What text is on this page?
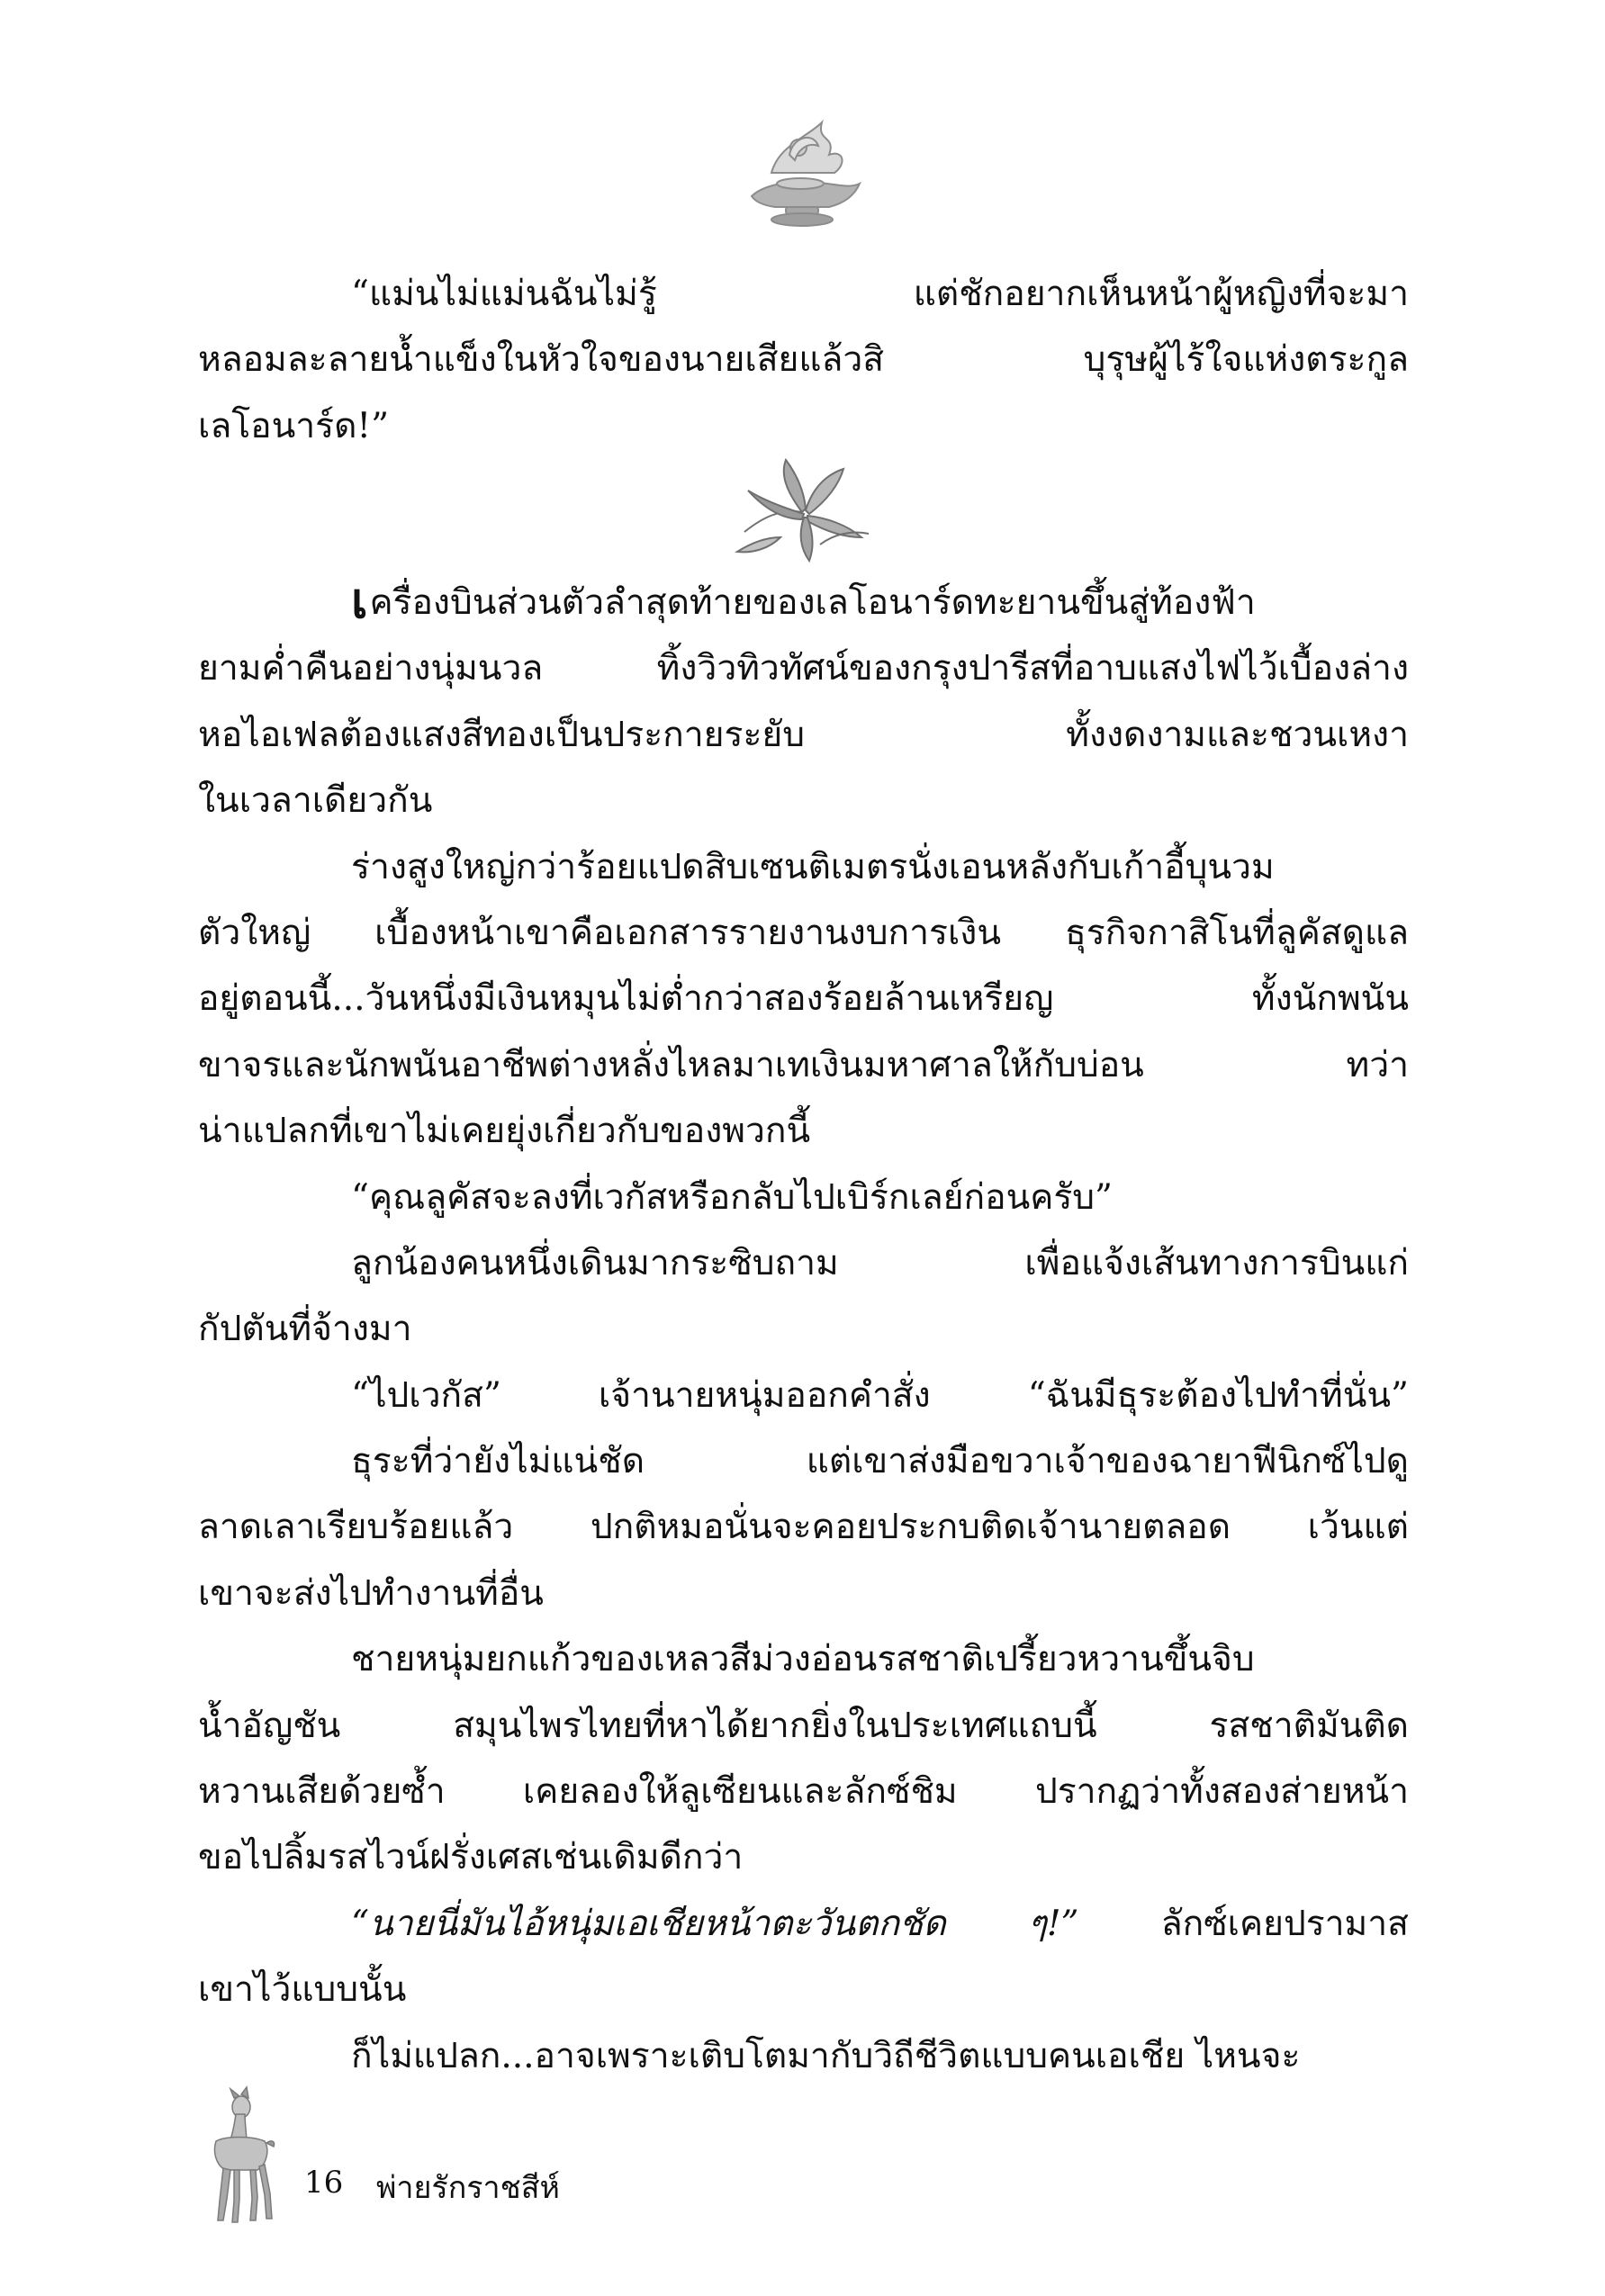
“แม่นไม่แม่นฉันไม่รู้ แต่ชักอยากเห็นหน้าผู้หญิงที่จะมา
หลอมละลายน้ำแข็งในหัวใจของนายเสียแล้วสิ บุรุษผู้ไร้ใจแห่งตระกูล
เลโอนาร์ด!”
เครื่องบินส่วนตัวลำสุดท้ายของเลโอนาร์ดทะยานขึ้นสู่ท้องฟ้า
ยามค่ำคืนอย่างนุ่มนวล ทิ้งวิวทิวทัศน์ของกรุงปารีสที่อาบแสงไฟไว้เบื้องล่าง
หอไอเฟลต้องแสงสีทองเป็นประกายระยับ ทั้งงดงามและชวนเหงา
ในเวลาเดียวกัน
ร่างสูงใหญ่กว่าร้อยแปดสิบเซนติเมตรนั่งเอนหลังกับเก้าอี้บุนวม
ตัวใหญ่ เบื้องหน้าเขาคือเอกสารรายงานงบการเงิน ธุรกิจกาสิโนที่ลูคัสดูแล
อยู่ตอนนี้...วันหนึ่งมีเงินหมุนไม่ต่ำกว่าสองร้อยล้านเหรียญ ทั้งนักพนัน
ขาจรและนักพนันอาชีพต่างหลั่งไหลมาเทเงินมหาศาลให้กับบ่อน ทว่า
น่าแปลกที่เขาไม่เคยยุ่งเกี่ยวกับของพวกนี้
“คุณลูคัสจะลงที่เวกัสหรือกลับไปเบิร์กเลย์ก่อนครับ”
ลูกน้องคนหนึ่งเดินมากระซิบถาม เพื่อแจ้งเส้นทางการบินแก่
กัปตันที่จ้างมา
“ไปเวกัส” เจ้านายหนุ่มออกคำสั่ง “ฉันมีธุระต้องไปทำที่นั่น”
ธุระที่ว่ายังไม่แน่ชัด แต่เขาส่งมือขวาเจ้าของฉายาฟีนิกซ์ไปดู
ลาดเลาเรียบร้อยแล้ว ปกติหมอนั่นจะคอยประกบติดเจ้านายตลอด เว้นแต่
เขาจะส่งไปทำงานที่อื่น
ชายหนุ่มยกแก้วของเหลวสีม่วงอ่อนรสชาติเปรี้ยวหวานขึ้นจิบ
น้ำอัญชัน สมุนไพรไทยที่หาได้ยากยิ่งในประเทศแถบนี้ รสชาติมันติด
หวานเสียด้วยซ้ำ เคยลองให้ลูเซียนและลักซ์ชิม ปรากฏว่าทั้งสองส่ายหน้า
ขอไปลิ้มรสไวน์ฝรั่งเศสเช่นเดิมดีกว่า
“นายนี่มันไอ้หนุ่มเอเชียหน้าตะวันตกชัด ๆ!” ลักซ์เคยปรามาส
เขาไว้แบบนั้น
ก็ไม่แปลก...อาจเพราะเติบโตมากับวิถีชีวิตแบบคนเอเชีย ไหนจะ
16 พ่ายรักราชสีห์
